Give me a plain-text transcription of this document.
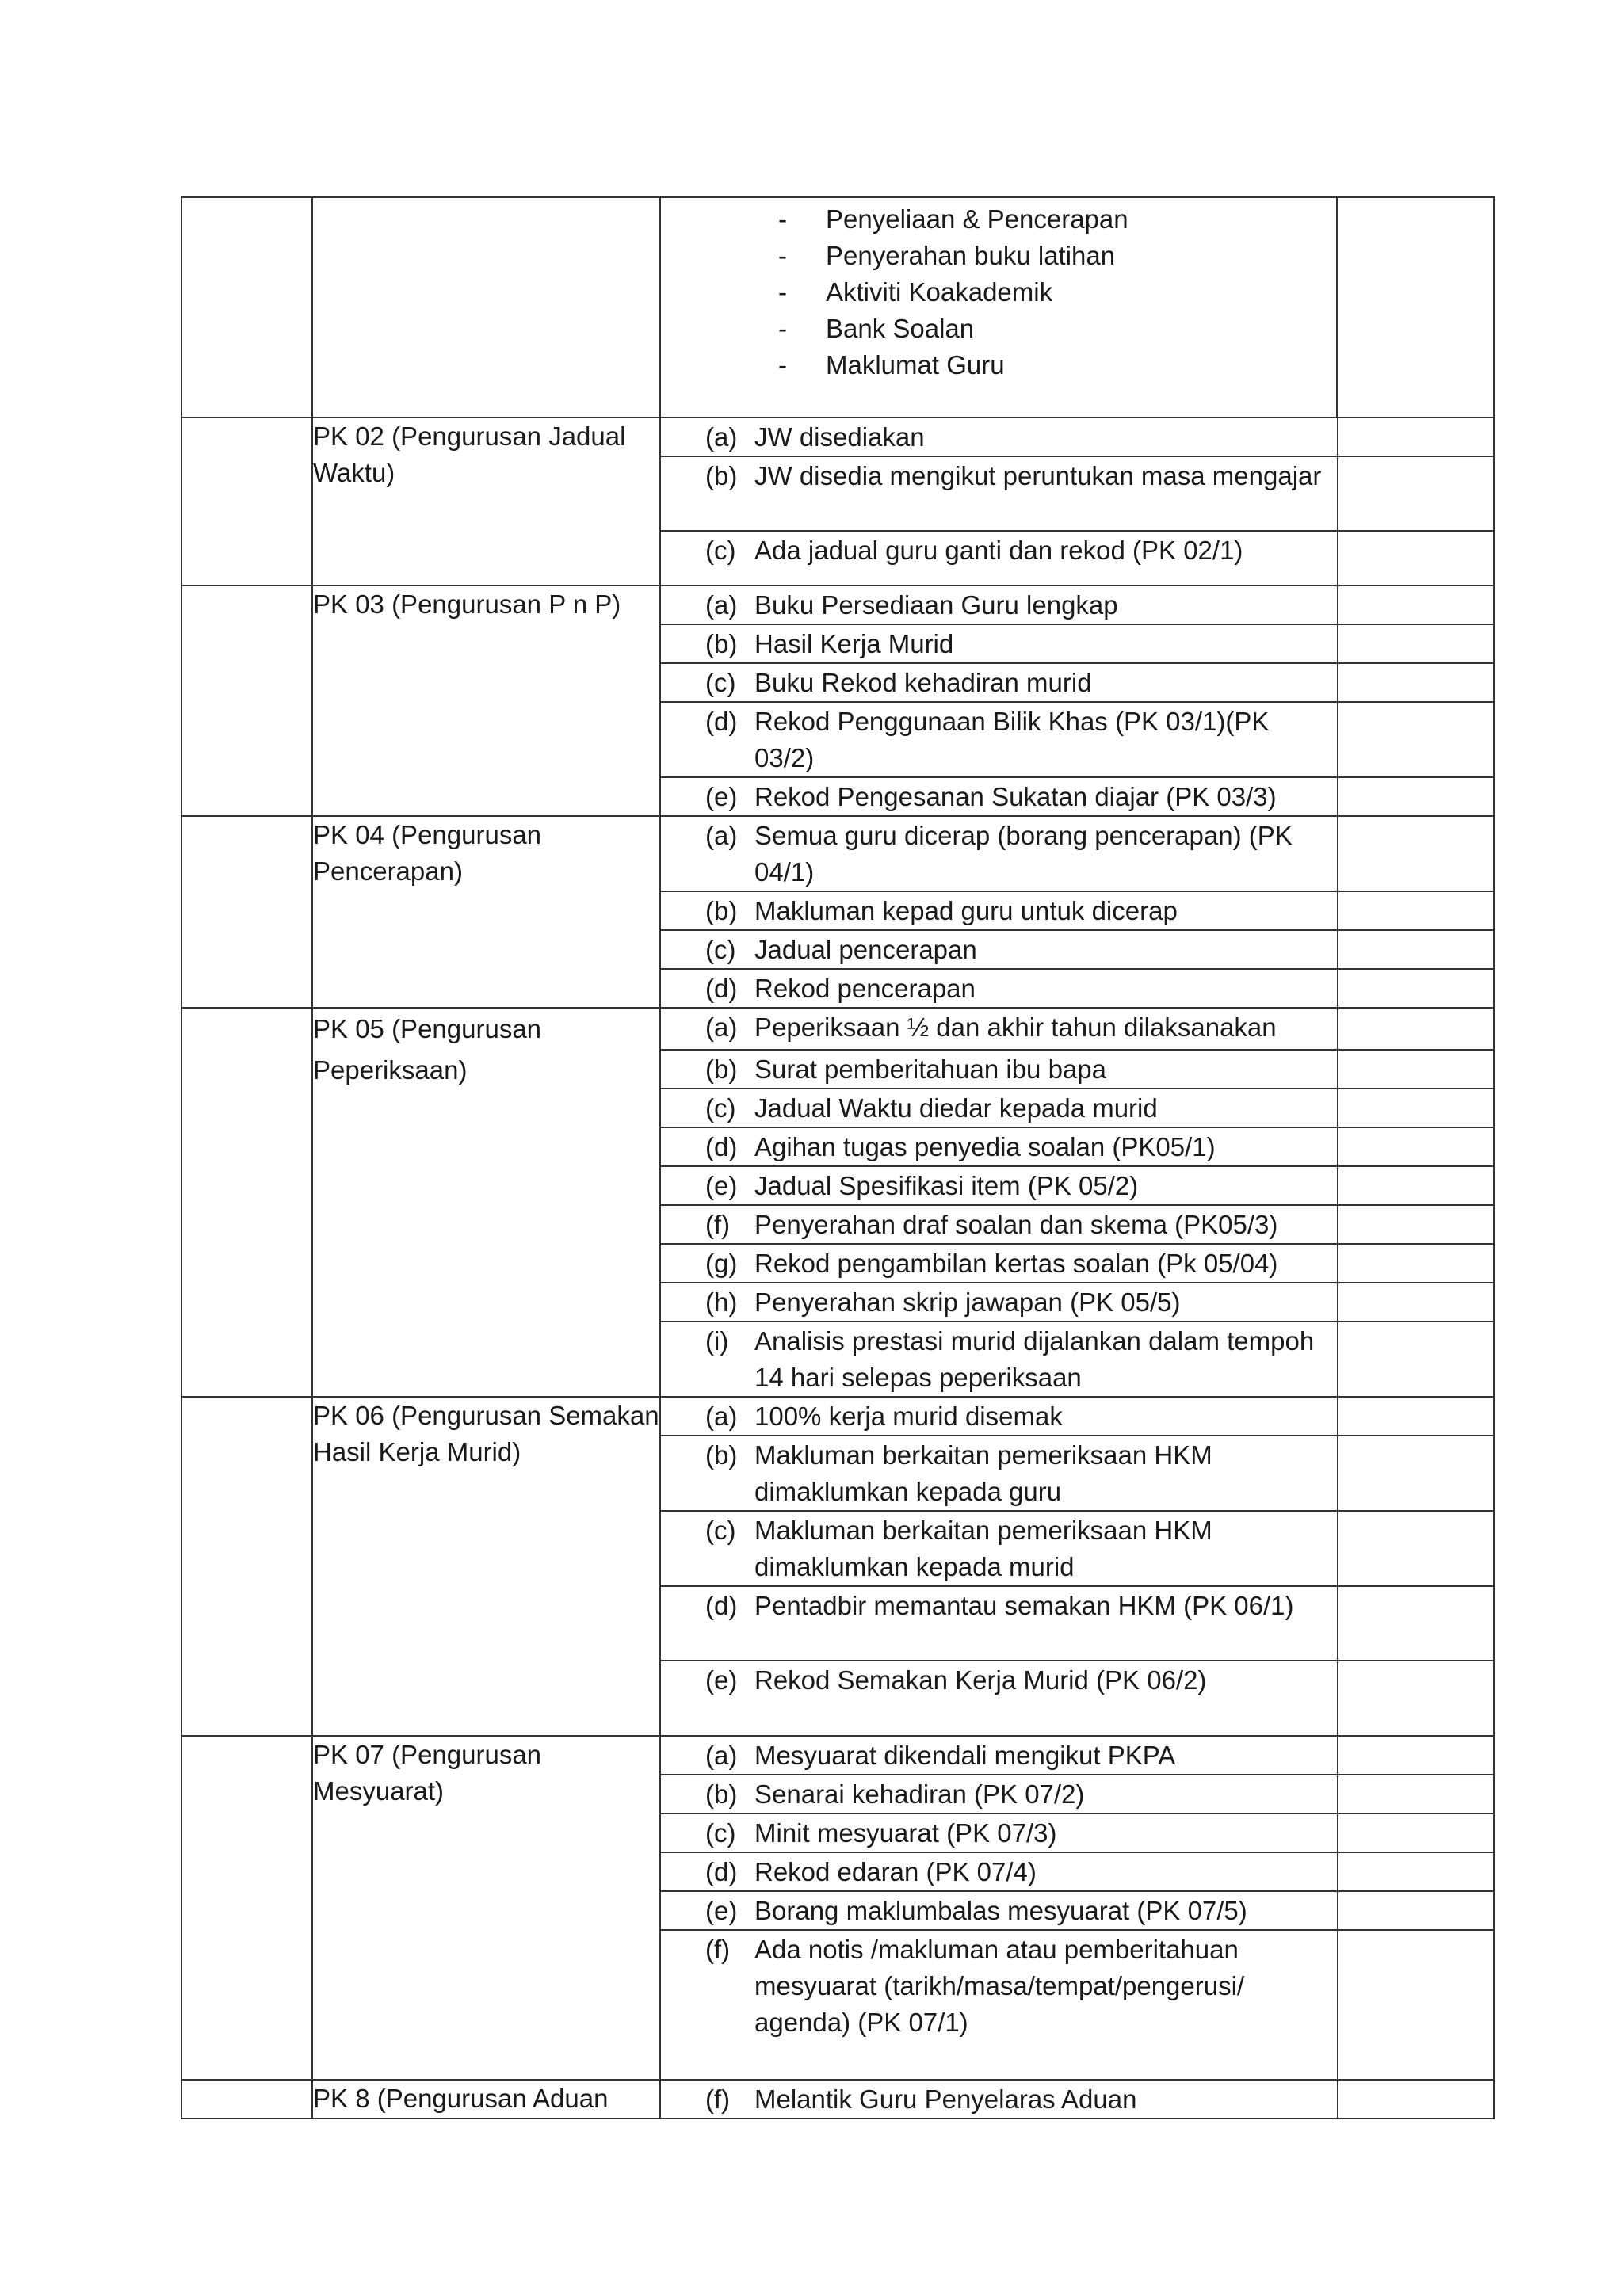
-	Penyeliaan & Pencerapan
-	Penyerahan buku latihan
-	Aktiviti Koakademik
-	Bank Soalan
-	Maklumat Guru

	PK 02 (Pengurusan Jadual Waktu)	
(a) JW disediakan

(b) JW disedia mengikut peruntukan masa mengajar

(c) Ada jadual guru ganti dan rekod (PK 02/1)

	PK 03 (Pengurusan P n P)		(a) Buku Persediaan Guru lengkap

(b) Hasil Kerja Murid

(c) Buku Rekod kehadiran murid

(d) Rekod Penggunaan Bilik Khas (PK 03/1)(PK 03/2)

(e) Rekod Pengesanan Sukatan diajar (PK 03/3)

	PK 04 (Pengurusan Pencerapan)	
(a) Semua guru dicerap (borang pencerapan) (PK 04/1)

(b) Makluman kepad guru untuk dicerap

(c) Jadual pencerapan

(d) Rekod pencerapan

	PK 05 (Pengurusan Peperiksaan)	
(a) Peperiksaan ½ dan akhir tahun dilaksanakan

(b) Surat pemberitahuan ibu bapa

(c) Jadual Waktu diedar kepada murid

(d) Agihan tugas penyedia soalan (PK05/1)

(e) Jadual Spesifikasi item (PK 05/2)

(f) Penyerahan draf soalan dan skema (PK05/3)

(g) Rekod pengambilan kertas soalan (Pk 05/04)

(h) Penyerahan skrip jawapan (PK 05/5)

(i) Analisis prestasi murid dijalankan dalam tempoh 14 hari selepas peperiksaan

	PK 06 (Pengurusan Semakan Hasil Kerja Murid)	
(a) 100% kerja murid disemak

(b) Makluman berkaitan pemeriksaan HKM dimaklumkan kepada guru

(c) Makluman berkaitan pemeriksaan HKM dimaklumkan kepada murid

(d) Pentadbir memantau semakan HKM (PK 06/1)

(e) Rekod Semakan Kerja Murid (PK 06/2)

	PK 07 (Pengurusan Mesyuarat)	
(a) Mesyuarat dikendali mengikut PKPA

(b) Senarai kehadiran (PK 07/2)

(c) Minit mesyuarat (PK 07/3)

(d) Rekod edaran (PK 07/4)

(e) Borang maklumbalas mesyuarat (PK 07/5)

(f) Ada notis /makluman atau pemberitahuan mesyuarat (tarikh/masa/tempat/pengerusi/ agenda) (PK 07/1)

	PK 8 (Pengurusan Aduan		(f) Melantik Guru Penyelaras Aduan
